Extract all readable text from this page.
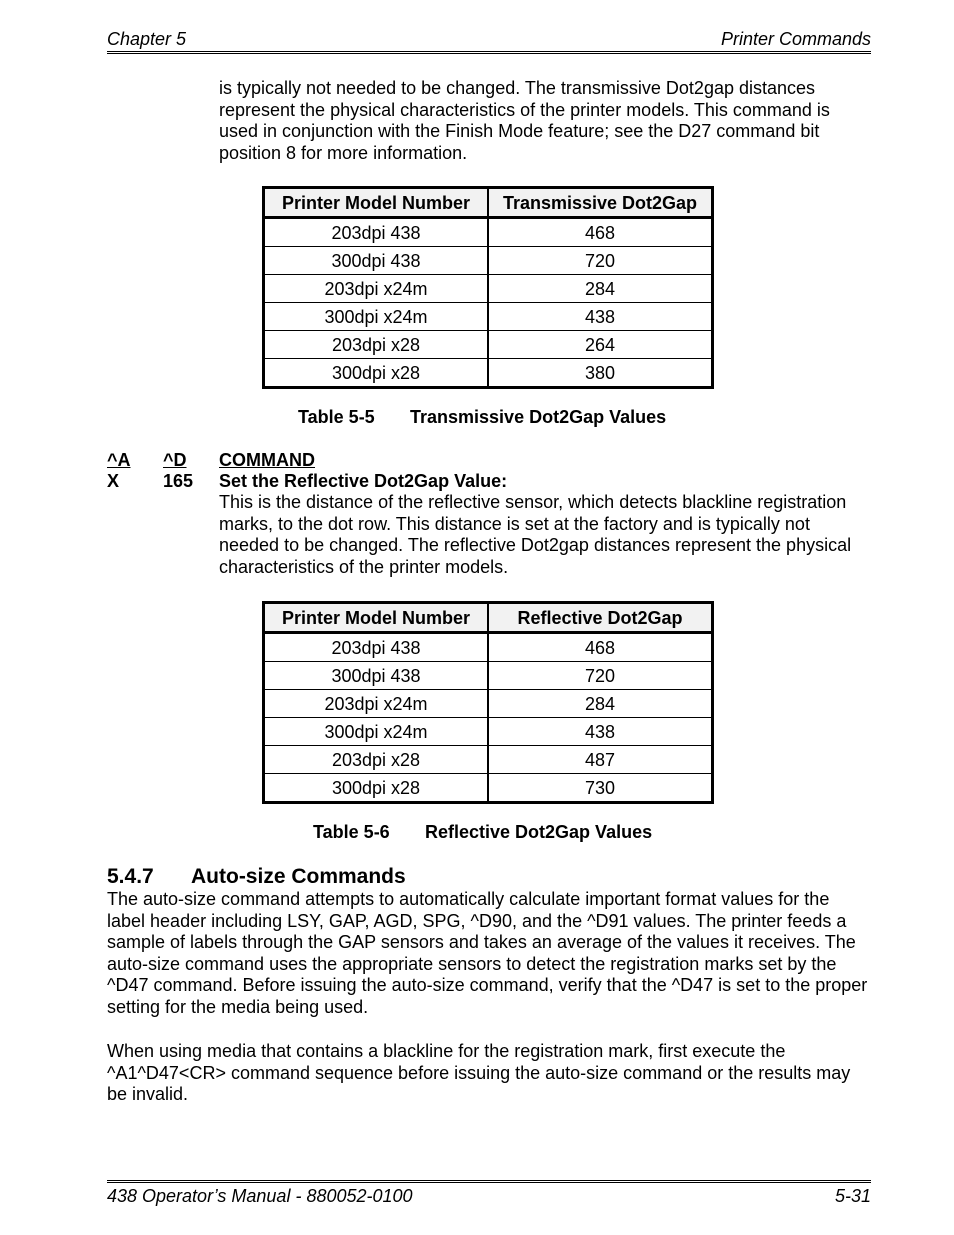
Chapter 5	Printer Commands

is typically not needed to be changed. The transmissive Dot2gap distances represent the physical characteristics of the printer models. This command is used in conjunction with the Finish Mode feature; see the D27 command bit position 8 for more information.

Printer Model Number	Transmissive Dot2Gap
203dpi 438	468
300dpi 438	720
203dpi x24m	284
300dpi x24m	438
203dpi x28	264
300dpi x28	380
Table 5-5 Transmissive Dot2Gap Values
^A ^D COMMAND
X 165 Set the Reflective Dot2Gap Value:

This is the distance of the reflective sensor, which detects blackline registration marks, to the dot row. This distance is set at the factory and is typically not needed to be changed. The reflective Dot2gap distances represent the physical characteristics of the printer models.

Printer Model Number	Reflective Dot2Gap
203dpi 438	468
300dpi 438	720
203dpi x24m	284
300dpi x24m	438
203dpi x28	487
300dpi x28	730
Table 5-6 Reflective Dot2Gap Values
5.4.7 Auto-size Commands

The auto-size command attempts to automatically calculate important format values for the label header including LSY, GAP, AGD, SPG, ^D90, and the ^D91 values. The printer feeds a sample of labels through the GAP sensors and takes an average of the values it receives. The auto-size command uses the appropriate sensors to detect the registration marks set by the ^D47 command. Before issuing the auto-size command, verify that the ^D47 is set to the proper setting for the media being used.

When using media that contains a blackline for the registration mark, first execute the ^A1^D47<CR> command sequence before issuing the auto-size command or the results may be invalid.

438 Operator’s Manual - 880052-0100	5-31
